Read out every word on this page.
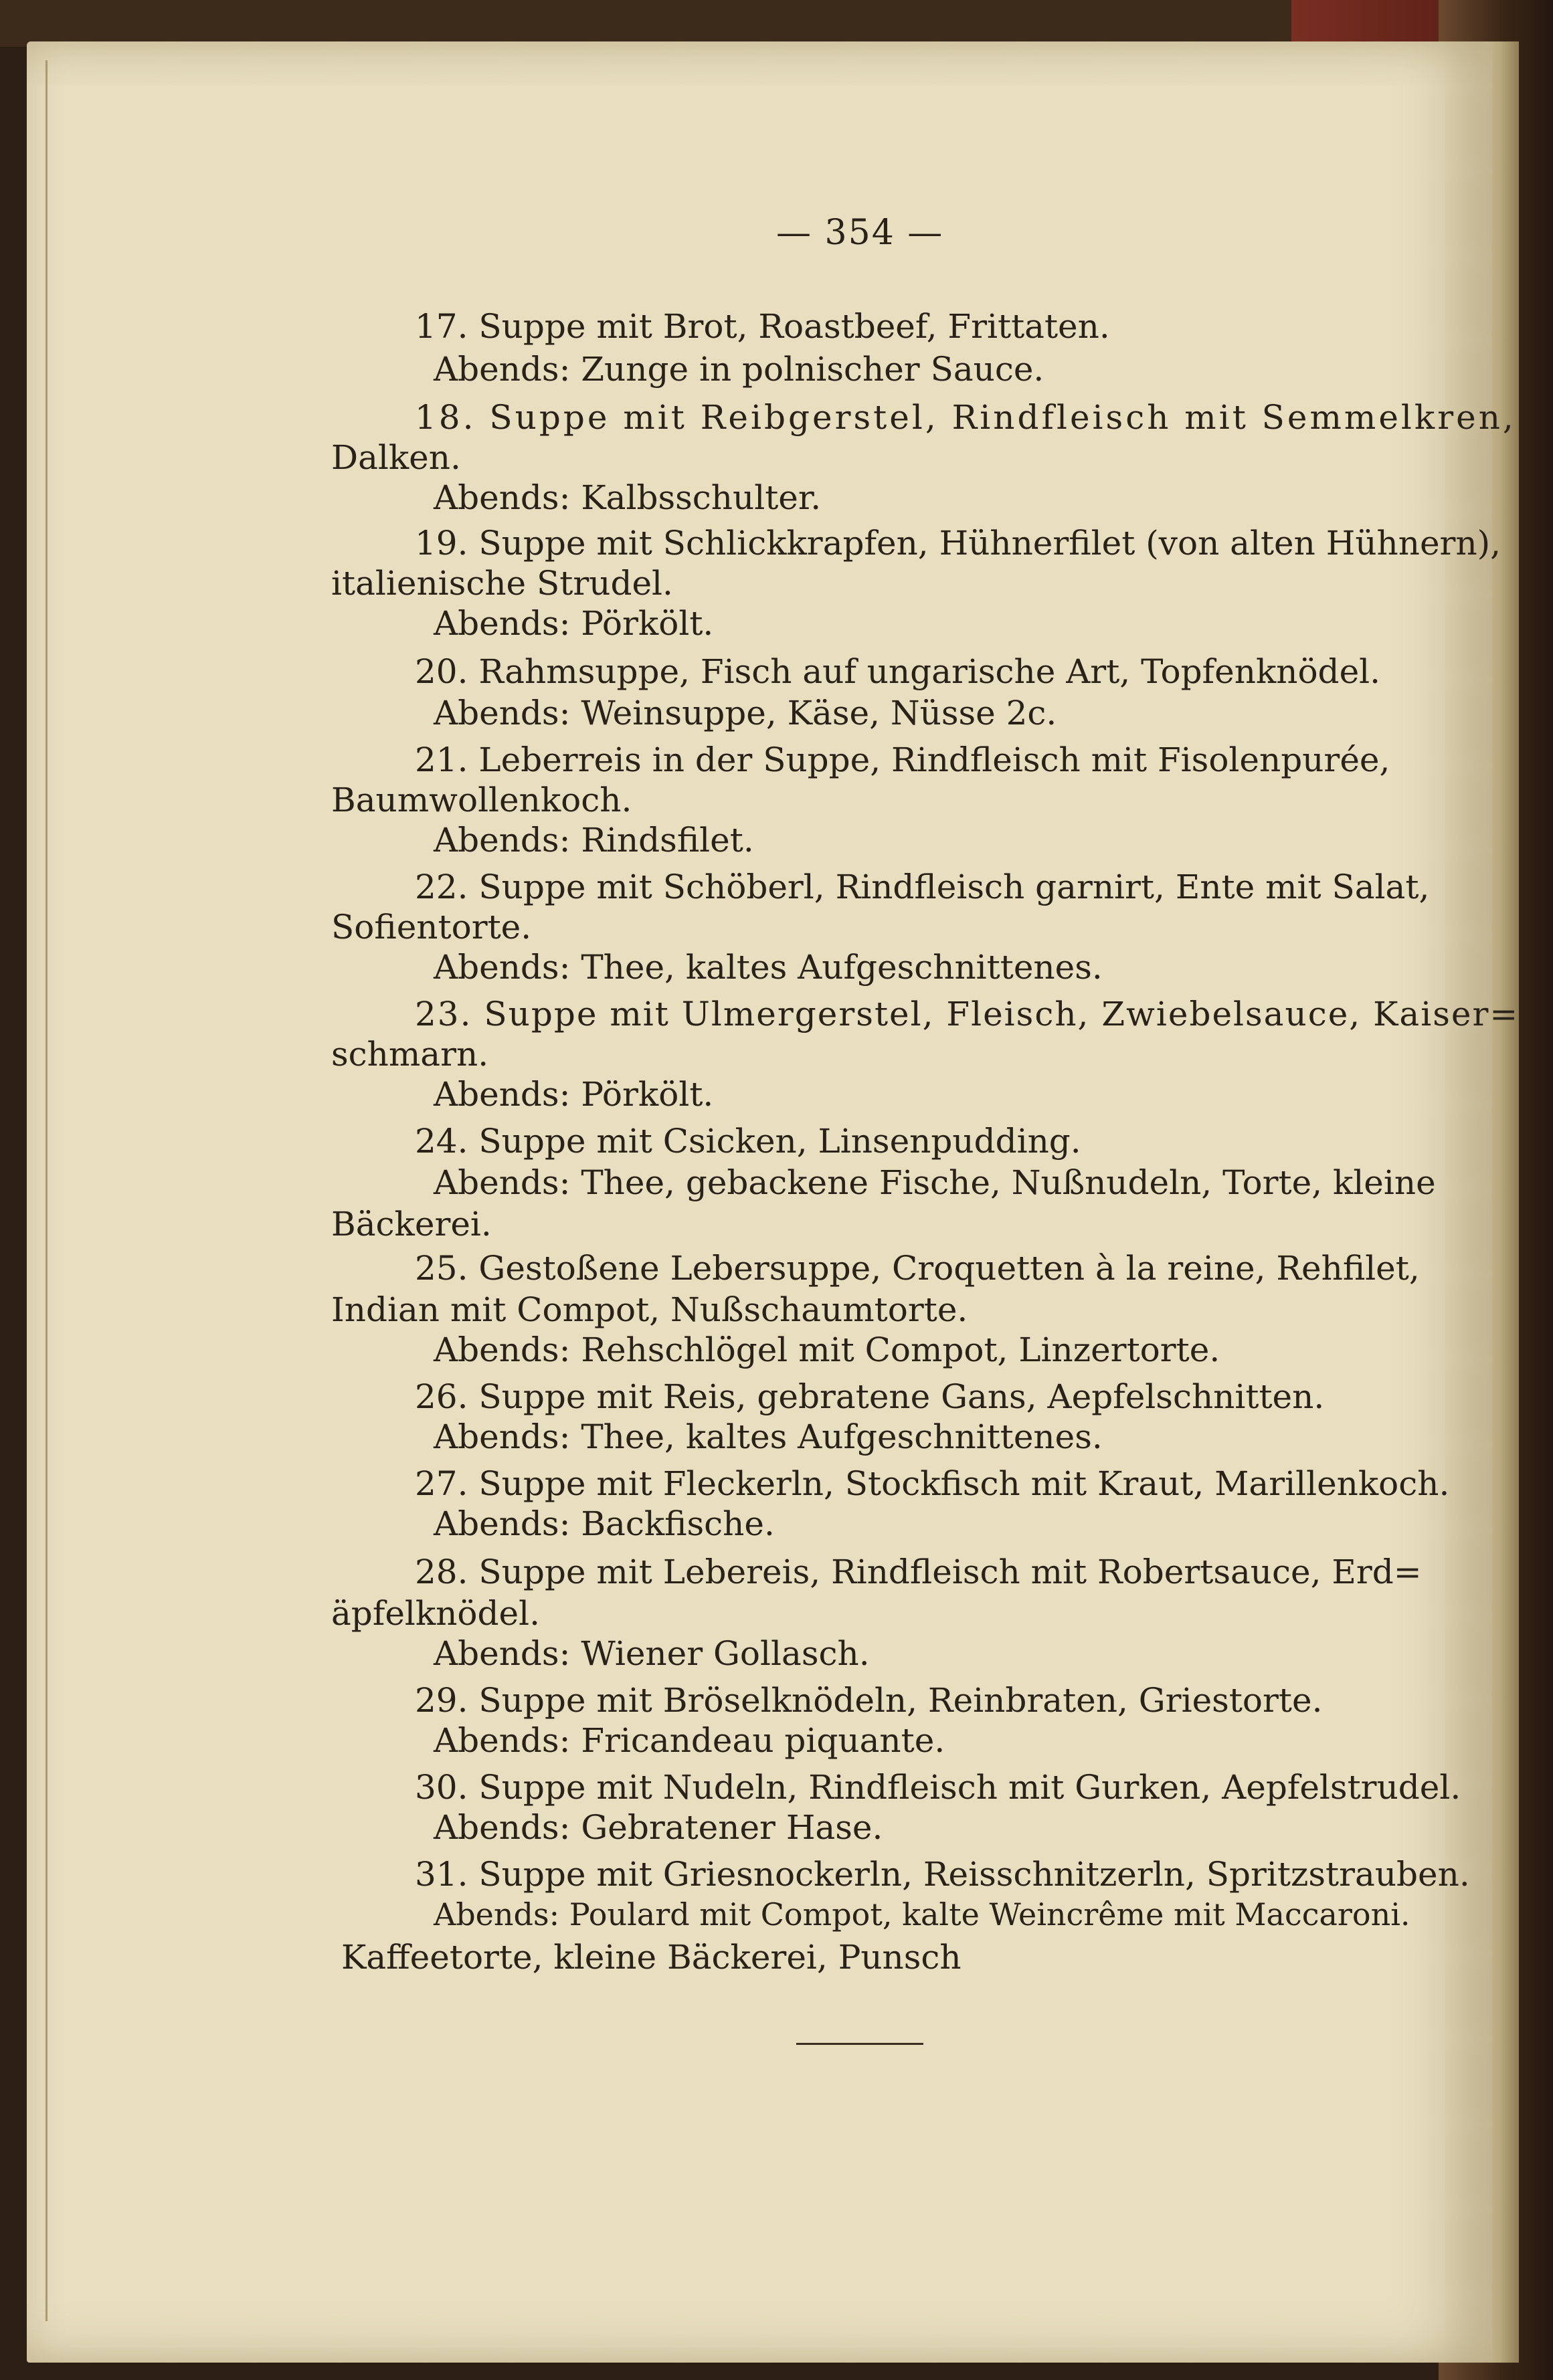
— 354 —
17. Suppe mit Brot, Roastbeef, Frittaten.
Abends: Zunge in polnischer Sauce.
18. Suppe mit Reibgerstel, Rindfleisch mit Semmelkren,
Dalken.
Abends: Kalbsschulter.
19. Suppe mit Schlickkrapfen, Hühnerfilet (von alten Hühnern),
italienische Strudel.
Abends: Pörkölt.
20. Rahmsuppe, Fisch auf ungarische Art, Topfenknödel.
Abends: Weinsuppe, Käse, Nüsse 2c.
21. Leberreis in der Suppe, Rindfleisch mit Fisolenpurée,
Baumwollenkoch.
Abends: Rindsfilet.
22. Suppe mit Schöberl, Rindfleisch garnirt, Ente mit Salat,
Sofientorte.
Abends: Thee, kaltes Aufgeschnittenes.
23. Suppe mit Ulmergerstel, Fleisch, Zwiebelsauce, Kaiser=
schmarn.
Abends: Pörkölt.
24. Suppe mit Csicken, Linsenpudding.
Abends: Thee, gebackene Fische, Nußnudeln, Torte, kleine
Bäckerei.
25. Gestoßene Lebersuppe, Croquetten à la reine, Rehfilet,
Indian mit Compot, Nußschaumtorte.
Abends: Rehschlögel mit Compot, Linzertorte.
26. Suppe mit Reis, gebratene Gans, Aepfelschnitten.
Abends: Thee, kaltes Aufgeschnittenes.
27. Suppe mit Fleckerln, Stockfisch mit Kraut, Marillenkoch.
Abends: Backfische.
28. Suppe mit Lebereis, Rindfleisch mit Robertsauce, Erd=
äpfelknödel.
Abends: Wiener Gollasch.
29. Suppe mit Bröselknödeln, Reinbraten, Griestorte.
Abends: Fricandeau piquante.
30. Suppe mit Nudeln, Rindfleisch mit Gurken, Aepfelstrudel.
Abends: Gebratener Hase.
31. Suppe mit Griesnockerln, Reisschnitzerln, Spritzstrauben.
Abends: Poulard mit Compot, kalte Weincrême mit Maccaroni.
Kaffeetorte, kleine Bäckerei, Punsch
